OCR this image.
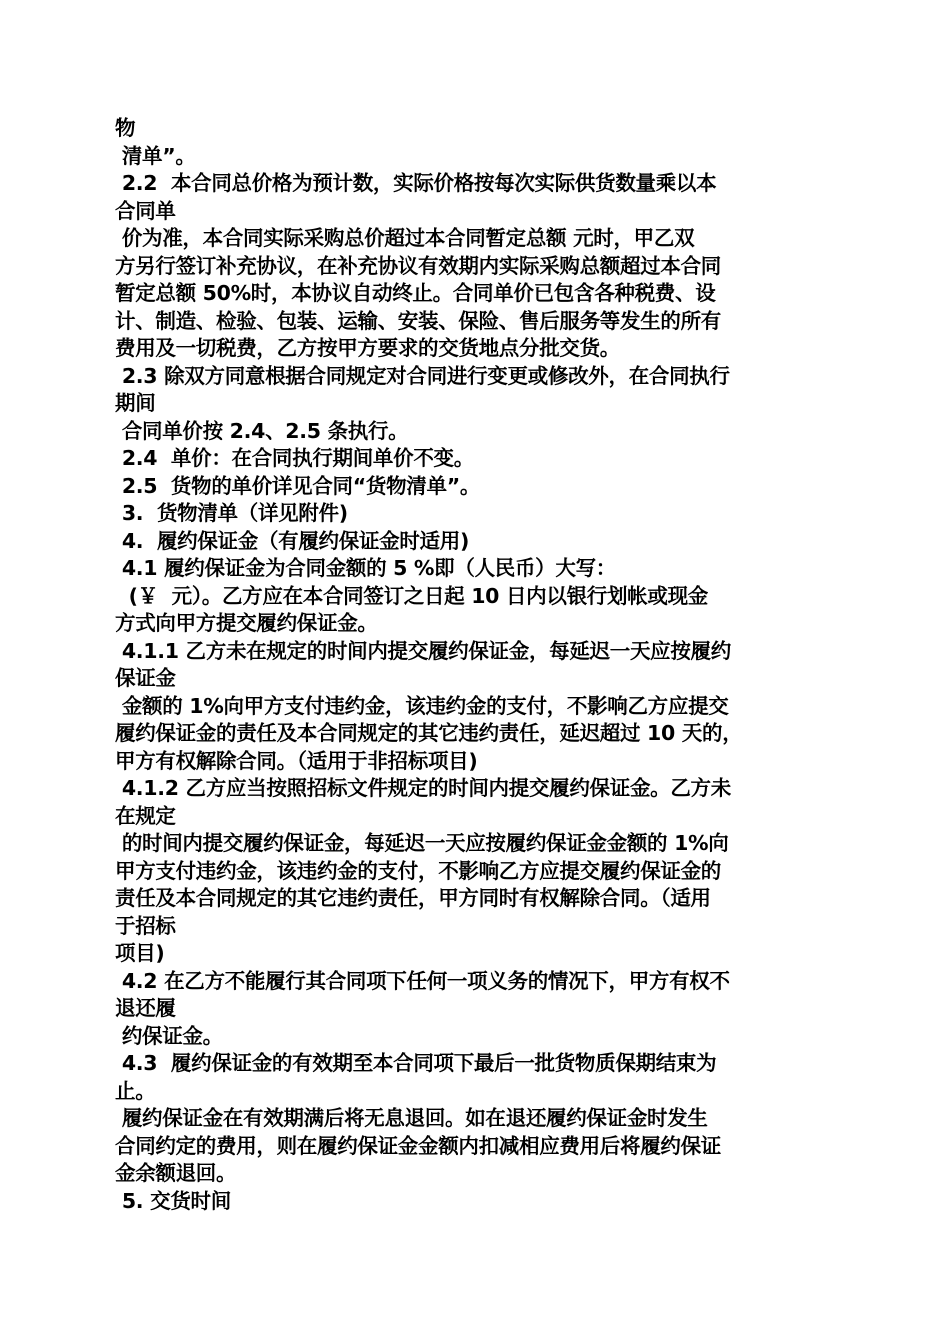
物

清单”。

2.2  本合同总价格为预计数，实际价格按每次实际供货数量乘以本

合同单

价为准，本合同实际采购总价超过本合同暂定总额 元时，甲乙双

方另行签订补充协议，在补充协议有效期内实际采购总额超过本合同

暂定总额 50%时，本协议自动终止。合同单价已包含各种税费、设

计、制造、检验、包装、运输、安装、保险、售后服务等发生的所有

费用及一切税费，乙方按甲方要求的交货地点分批交货。

2.3 除双方同意根据合同规定对合同进行变更或修改外，在合同执行

期间

合同单价按 2.4、2.5 条执行。

2.4  单价：在合同执行期间单价不变。

2.5  货物的单价详见合同“货物清单”。

3.  货物清单（详见附件)

4.  履约保证金（有履约保证金时适用)

4.1 履约保证金为合同金额的 5 %即（人民币）大写：

(￥  元）。乙方应在本合同签订之日起 10 日内以银行划帐或现金

方式向甲方提交履约保证金。

4.1.1 乙方未在规定的时间内提交履约保证金，每延迟一天应按履约

保证金

金额的 1%向甲方支付违约金，该违约金的支付，不影响乙方应提交

履约保证金的责任及本合同规定的其它违约责任，延迟超过 10 天的，

甲方有权解除合同。（适用于非招标项目)

4.1.2 乙方应当按照招标文件规定的时间内提交履约保证金。乙方未

在规定

的时间内提交履约保证金，每延迟一天应按履约保证金金额的 1%向

甲方支付违约金，该违约金的支付，不影响乙方应提交履约保证金的

责任及本合同规定的其它违约责任，甲方同时有权解除合同。（适用

于招标

项目)

4.2 在乙方不能履行其合同项下任何一项义务的情况下，甲方有权不

退还履

约保证金。

4.3  履约保证金的有效期至本合同项下最后一批货物质保期结束为

止。

履约保证金在有效期满后将无息退回。如在退还履约保证金时发生

合同约定的费用，则在履约保证金金额内扣减相应费用后将履约保证

金余额退回。

5. 交货时间
